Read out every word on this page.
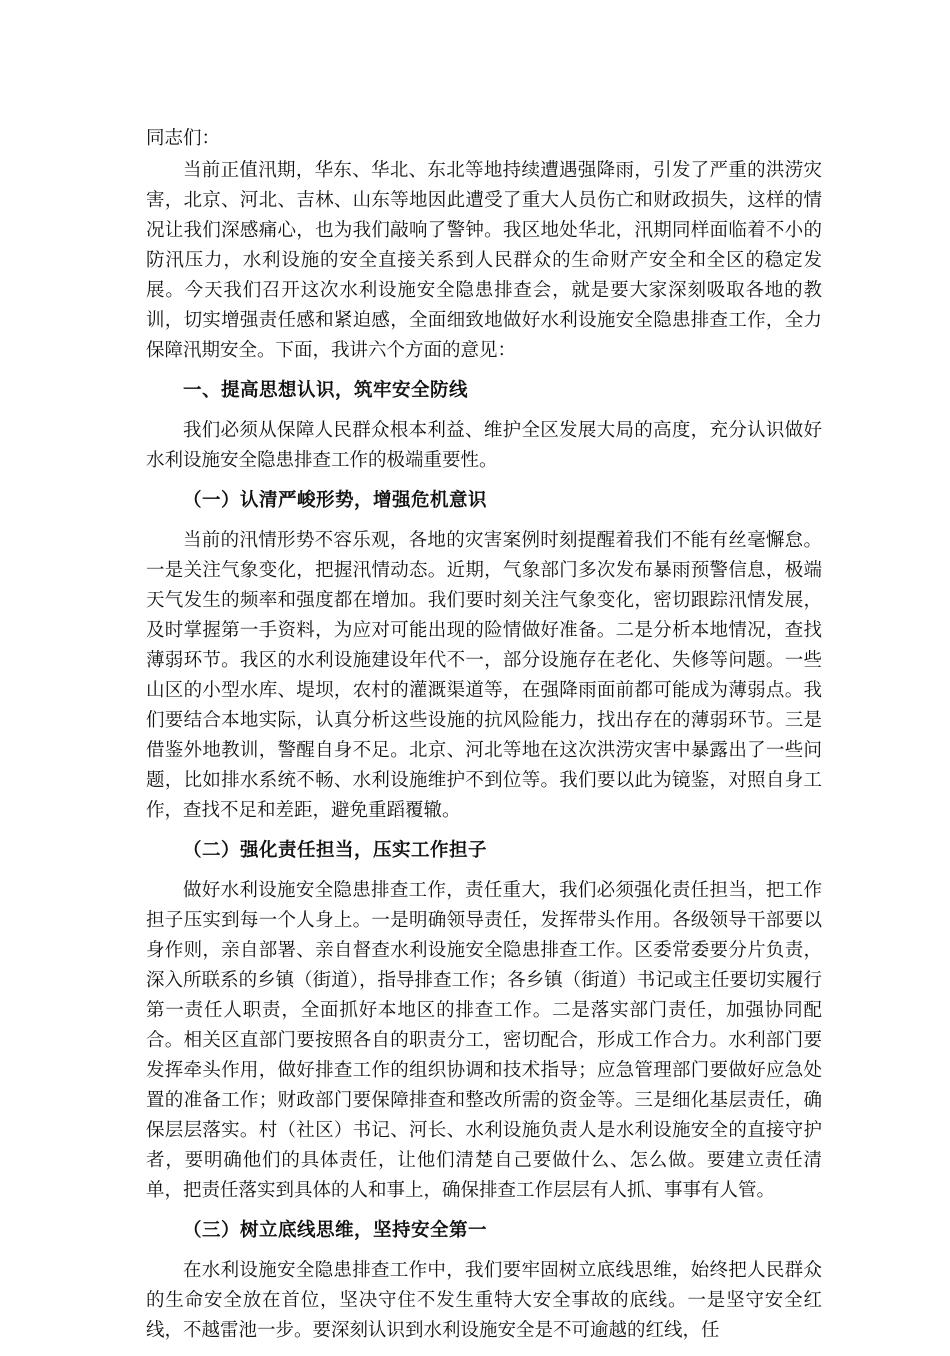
同志们：

当前正值汛期，华东、华北、东北等地持续遭遇强降雨，引发了严重的洪涝灾害，北京、河北、吉林、山东等地因此遭受了重大人员伤亡和财政损失，这样的情况让我们深感痛心，也为我们敲响了警钟。我区地处华北，汛期同样面临着不小的防汛压力，水利设施的安全直接关系到人民群众的生命财产安全和全区的稳定发展。今天我们召开这次水利设施安全隐患排查会，就是要大家深刻吸取各地的教训，切实增强责任感和紧迫感，全面细致地做好水利设施安全隐患排查工作，全力保障汛期安全。下面，我讲六个方面的意见：

一、提高思想认识，筑牢安全防线

我们必须从保障人民群众根本利益、维护全区发展大局的高度，充分认识做好水利设施安全隐患排查工作的极端重要性。

（一）认清严峻形势，增强危机意识

当前的汛情形势不容乐观，各地的灾害案例时刻提醒着我们不能有丝毫懈怠。一是关注气象变化，把握汛情动态。近期，气象部门多次发布暴雨预警信息，极端天气发生的频率和强度都在增加。我们要时刻关注气象变化，密切跟踪汛情发展，及时掌握第一手资料，为应对可能出现的险情做好准备。二是分析本地情况，查找薄弱环节。我区的水利设施建设年代不一，部分设施存在老化、失修等问题。一些山区的小型水库、堤坝，农村的灌溉渠道等，在强降雨面前都可能成为薄弱点。我们要结合本地实际，认真分析这些设施的抗风险能力，找出存在的薄弱环节。三是借鉴外地教训，警醒自身不足。北京、河北等地在这次洪涝灾害中暴露出了一些问题，比如排水系统不畅、水利设施维护不到位等。我们要以此为镜鉴，对照自身工作，查找不足和差距，避免重蹈覆辙。

（二）强化责任担当，压实工作担子

做好水利设施安全隐患排查工作，责任重大，我们必须强化责任担当，把工作担子压实到每一个人身上。一是明确领导责任，发挥带头作用。各级领导干部要以身作则，亲自部署、亲自督查水利设施安全隐患排查工作。区委常委要分片负责，深入所联系的乡镇（街道），指导排查工作；各乡镇（街道）书记或主任要切实履行第一责任人职责，全面抓好本地区的排查工作。二是落实部门责任，加强协同配合。相关区直部门要按照各自的职责分工，密切配合，形成工作合力。水利部门要发挥牵头作用，做好排查工作的组织协调和技术指导；应急管理部门要做好应急处置的准备工作；财政部门要保障排查和整改所需的资金等。三是细化基层责任，确保层层落实。村（社区）书记、河长、水利设施负责人是水利设施安全的直接守护者，要明确他们的具体责任，让他们清楚自己要做什么、怎么做。要建立责任清单，把责任落实到具体的人和事上，确保排查工作层层有人抓、事事有人管。

（三）树立底线思维，坚持安全第一

在水利设施安全隐患排查工作中，我们要牢固树立底线思维，始终把人民群众的生命安全放在首位，坚决守住不发生重特大安全事故的底线。一是坚守安全红线，不越雷池一步。要深刻认识到水利设施安全是不可逾越的红线，任
